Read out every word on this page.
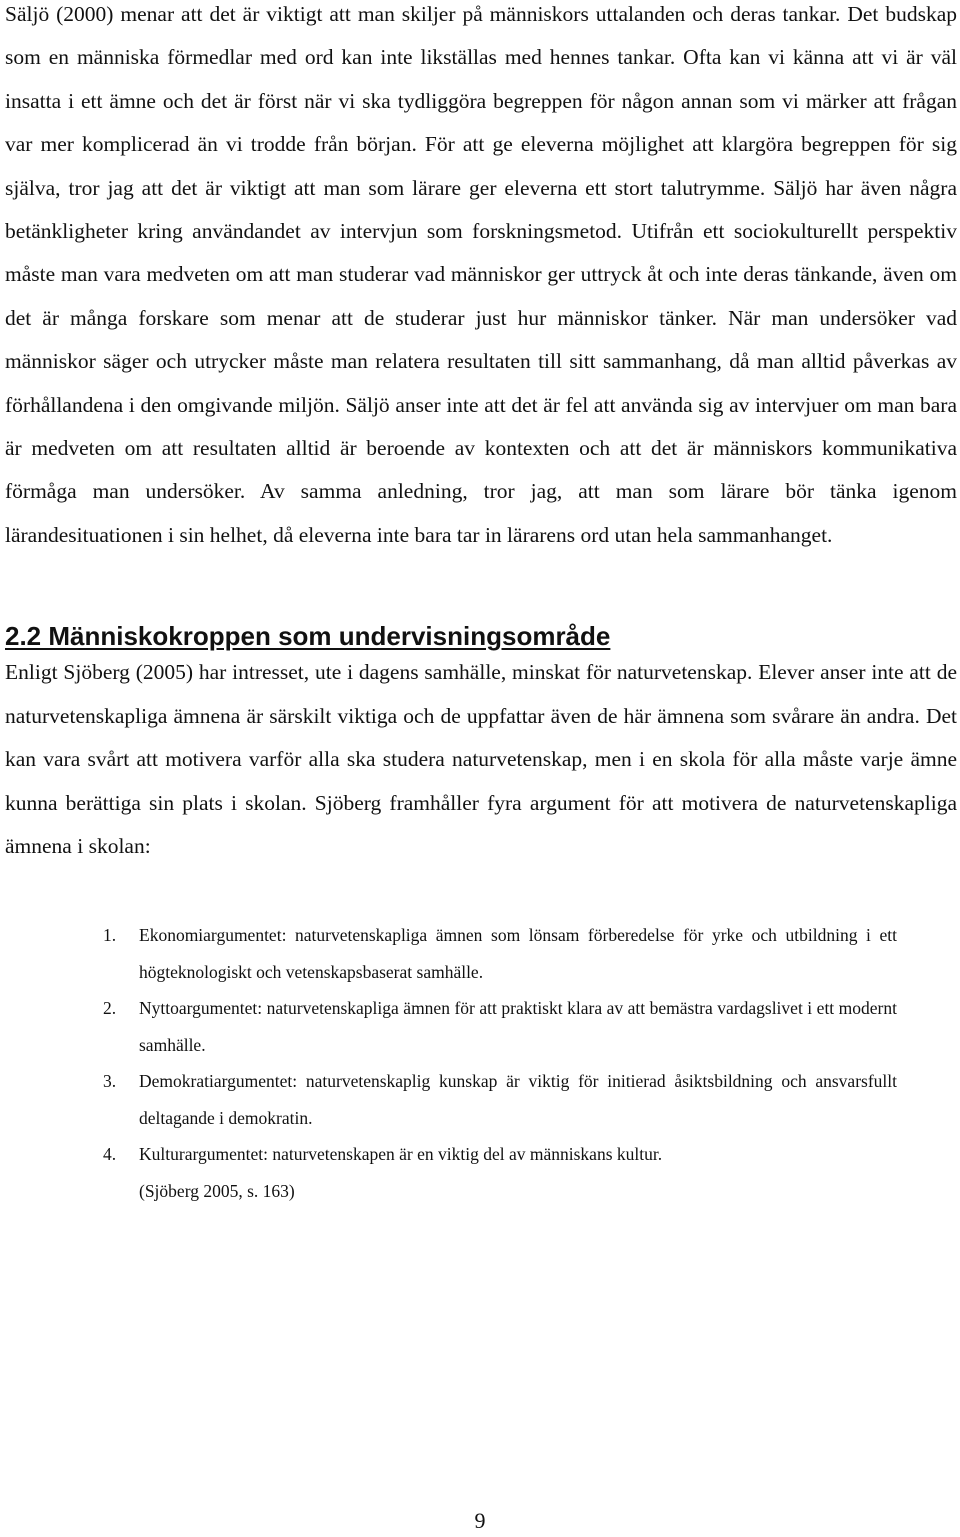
Säljö (2000) menar att det är viktigt att man skiljer på människors uttalanden och deras tankar. Det budskap som en människa förmedlar med ord kan inte likställas med hennes tankar. Ofta kan vi känna att vi är väl insatta i ett ämne och det är först när vi ska tydliggöra begreppen för någon annan som vi märker att frågan var mer komplicerad än vi trodde från början. För att ge eleverna möjlighet att klargöra begreppen för sig själva, tror jag att det är viktigt att man som lärare ger eleverna ett stort talutrymme. Säljö har även några betänkligheter kring användandet av intervjun som forskningsmetod. Utifrån ett sociokulturellt perspektiv måste man vara medveten om att man studerar vad människor ger uttryck åt och inte deras tänkande, även om det är många forskare som menar att de studerar just hur människor tänker. När man undersöker vad människor säger och utrycker måste man relatera resultaten till sitt sammanhang, då man alltid påverkas av förhållandena i den omgivande miljön. Säljö anser inte att det är fel att använda sig av intervjuer om man bara är medveten om att resultaten alltid är beroende av kontexten och att det är människors kommunikativa förmåga man undersöker. Av samma anledning, tror jag, att man som lärare bör tänka igenom lärandesituationen i sin helhet, då eleverna inte bara tar in lärarens ord utan hela sammanhanget.

2.2 Människokroppen som undervisningsområde

Enligt Sjöberg (2005) har intresset, ute i dagens samhälle, minskat för naturvetenskap. Elever anser inte att de naturvetenskapliga ämnena är särskilt viktiga och de uppfattar även de här ämnena som svårare än andra. Det kan vara svårt att motivera varför alla ska studera naturvetenskap, men i en skola för alla måste varje ämne kunna berättiga sin plats i skolan. Sjöberg framhåller fyra argument för att motivera de naturvetenskapliga ämnena i skolan:

1. Ekonomiargumentet: naturvetenskapliga ämnen som lönsam förberedelse för yrke och utbildning i ett högteknologiskt och vetenskapsbaserat samhälle.
2. Nyttoargumentet: naturvetenskapliga ämnen för att praktiskt klara av att bemästra vardagslivet i ett modernt samhälle.
3. Demokratiargumentet: naturvetenskaplig kunskap är viktig för initierad åsiktsbildning och ansvarsfullt deltagande i demokratin.
4. Kulturargumentet: naturvetenskapen är en viktig del av människans kultur.

(Sjöberg 2005, s. 163)

9
